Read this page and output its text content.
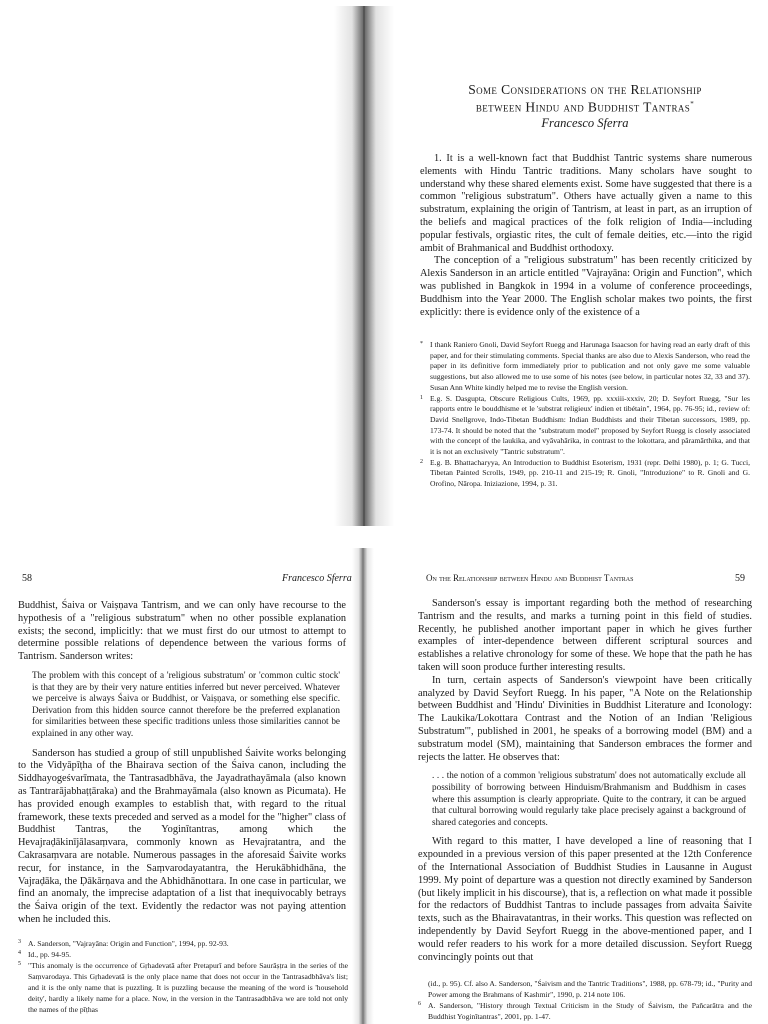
Some Considerations on the Relationship
between Hindu and Buddhist Tantras*
Francesco Sferra

1. It is a well-known fact that Buddhist Tantric systems share numerous elements with Hindu Tantric traditions. Many scholars have sought to understand why these shared elements exist. Some have suggested that there is a common "religious substratum". Others have actually given a name to this substratum, explaining the origin of Tantrism, at least in part, as an irruption of the beliefs and magical practices of the folk religion of India—including popular festivals, orgiastic rites, the cult of female deities, etc.—into the rigid ambit of Brahmanical and Buddhist orthodoxy.

The conception of a "religious substratum" has been recently criticized by Alexis Sanderson in an article entitled "Vajrayāna: Origin and Function", which was published in Bangkok in 1994 in a volume of conference proceedings, Buddhism into the Year 2000. The English scholar makes two points, the first explicitly: there is evidence only of the existence of a

* I thank Raniero Gnoli, David Seyfort Ruegg and Harunaga Isaacson for having read an early draft of this paper, and for their stimulating comments. Special thanks are also due to Alexis Sanderson, who read the paper in its definitive form immediately prior to publication and not only gave me some valuable suggestions, but also allowed me to use some of his notes (see below, in particular notes 32, 33 and 37). Susan Ann White kindly helped me to revise the English version.
1 E.g. S. Dasgupta, Obscure Religious Cults, 1969, pp. xxxiii-xxxiv, 20; D. Seyfort Ruegg, "Sur les rapports entre le bouddhisme et le 'substrat religieux' indien et tibétain", 1964, pp. 76-95; id., review of: David Snellgrove, Indo-Tibetan Buddhism: Indian Buddhists and their Tibetan successors, 1989, pp. 173-74. It should be noted that the "substratum model" proposed by Seyfort Ruegg is closely associated with the concept of the laukika, and vyāvahārika, in contrast to the lokottara, and pāramārthika, and that it is not an exclusively "Tantric substratum".
2 E.g. B. Bhattacharyya, An Introduction to Buddhist Esoterism, 1931 (repr. Delhi 1980), p. 1; G. Tucci, Tibetan Painted Scrolls, 1949, pp. 210-11 and 215-19; R. Gnoli, "Introduzione" to R. Gnoli and G. Orofino, Nāropa. Iniziazione, 1994, p. 31.
58	Francesco Sferra

Buddhist, Śaiva or Vaiṣṇava Tantrism, and we can only have recourse to the hypothesis of a "religious substratum" when no other possible explanation exists; the second, implicitly: that we must first do our utmost to attempt to determine possible relations of dependence between the various forms of Tantrism. Sanderson writes:

The problem with this concept of a 'religious substratum' or 'common cultic stock' is that they are by their very nature entities inferred but never perceived. Whatever we perceive is always Śaiva or Buddhist, or Vaiṣṇava, or something else specific. Derivation from this hidden source cannot therefore be the preferred explanation for similarities between these specific traditions unless those similarities cannot be explained in any other way.

Sanderson has studied a group of still unpublished Śaivite works belonging to the Vidyāpīṭha of the Bhairava section of the Śaiva canon, including the Siddhayogeśvarīmata, the Tantrasadbhāva, the Jayadrathayāmala (also known as Tantrarājabhaṭṭāraka) and the Brahmayāmala (also known as Picumata). He has provided enough examples to establish that, with regard to the ritual framework, these texts preceded and served as a model for the "higher" class of Buddhist Tantras, the Yoginītantras, among which the Hevajraḍākinījālasaṃvara, commonly known as Hevajratantra, and the Cakrasaṃvara are notable. Numerous passages in the aforesaid Śaivite works recur, for instance, in the Saṃvarodayatantra, the Herukābhidhāna, the Vajraḍāka, the Ḍākārṇava and the Abhidhānottara. In one case in particular, we find an anomaly, the imprecise adaptation of a list that inequivocably betrays the Śaiva origin of the text. Evidently the redactor was not paying attention when he included this.

3 A. Sanderson, "Vajrayāna: Origin and Function", 1994, pp. 92-93.
4 Id., pp. 94-95.
5 "This anomaly is the occurrence of Gṛhadevatā after Pretapurī and before Saurāṣṭra in the series of the Saṃvarodaya. This Gṛhadevatā is the only place name that does not occur in the Tantrasadbhāva's list; and it is the only name that is puzzling. It is puzzling because the meaning of the word is 'household deity', hardly a likely name for a place. Now, in the version in the Tantrasadbhāva we are told not only the names of the pīṭhas
On the Relationship between Hindu and Buddhist Tantras	59

Sanderson's essay is important regarding both the method of researching Tantrism and the results, and marks a turning point in this field of studies. Recently, he published another important paper in which he gives further examples of inter-dependence between different scriptural sources and establishes a relative chronology for some of these. We hope that the path he has taken will soon produce further interesting results.

In turn, certain aspects of Sanderson's viewpoint have been critically analyzed by David Seyfort Ruegg. In his paper, "A Note on the Relationship between Buddhist and 'Hindu' Divinities in Buddhist Literature and Iconology: The Laukika/Lokottara Contrast and the Notion of an Indian 'Religious Substratum'", published in 2001, he speaks of a borrowing model (BM) and a substratum model (SM), maintaining that Sanderson embraces the former and rejects the latter. He observes that:

. . . the notion of a common 'religious substratum' does not automatically exclude all possibility of borrowing between Hinduism/Brahmanism and Buddhism in cases where this assumption is clearly appropriate. Quite to the contrary, it can be argued that cultural borrowing would regularly take place precisely against a background of shared categories and concepts.

With regard to this matter, I have developed a line of reasoning that I expounded in a previous version of this paper presented at the 12th Conference of the International Association of Buddhist Studies in Lausanne in August 1999. My point of departure was a question not directly examined by Sanderson (but likely implicit in his discourse), that is, a reflection on what made it possible for the redactors of Buddhist Tantras to include passages from advaita Śaivite texts, such as the Bhairavatantras, in their works. This question was reflected on independently by David Seyfort Ruegg in the above-mentioned paper, and I would refer readers to his work for a more detailed discussion. Seyfort Ruegg convincingly points out that

(id., p. 95). Cf. also A. Sanderson, "Śaivism and the Tantric Traditions", 1988, pp. 678-79; id., "Purity and Power among the Brahmans of Kashmir", 1990, p. 214 note 106.
6 A. Sanderson, "History through Textual Criticism in the Study of Śaivism, the Pañcarātra and the Buddhist Yoginītantras", 2001, pp. 1-47.
